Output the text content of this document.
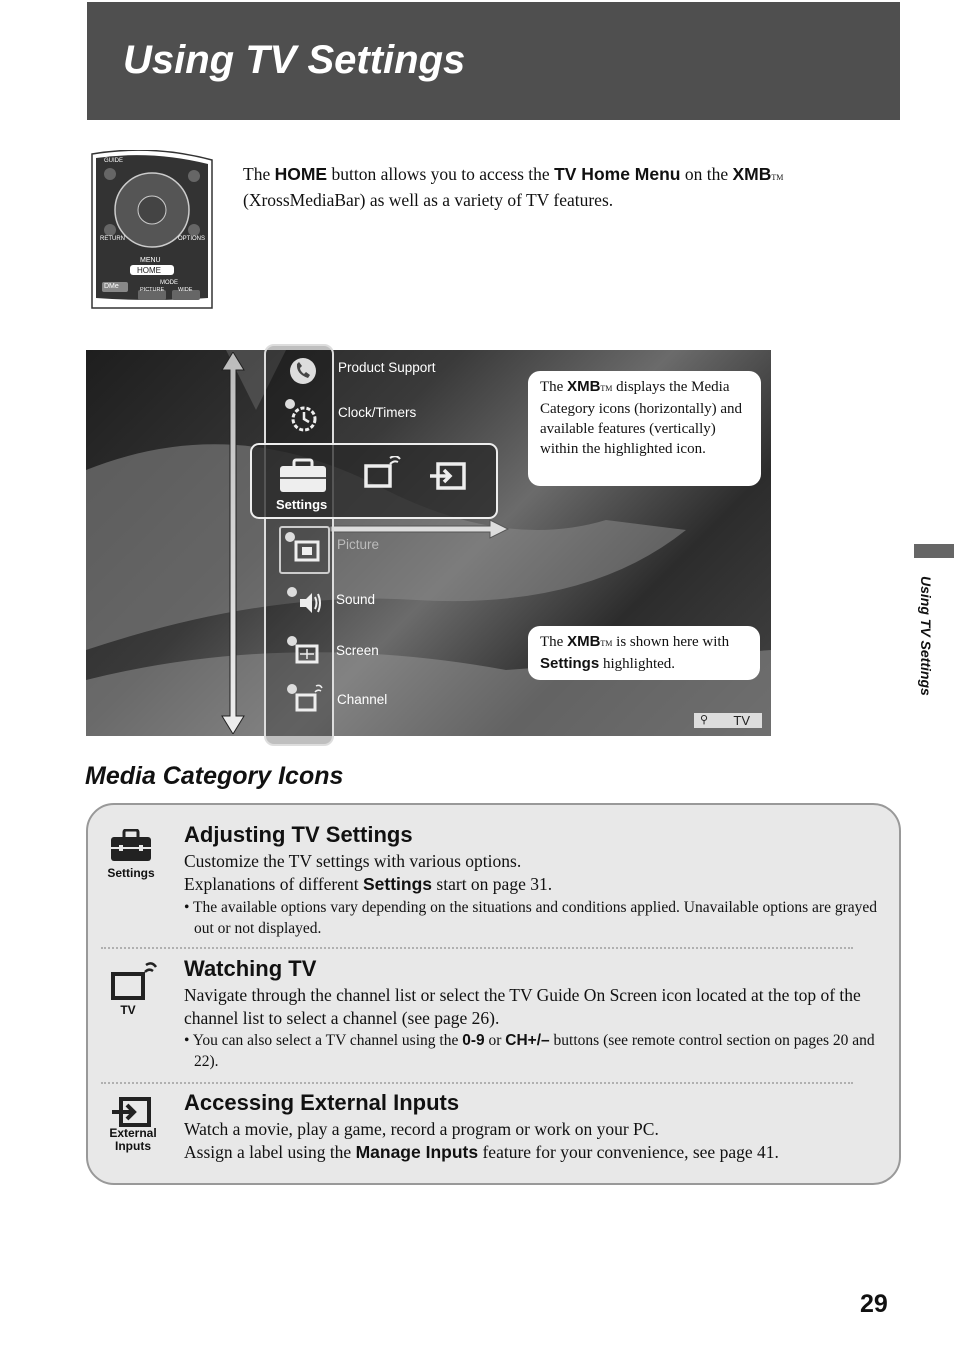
Using TV Settings
GUIDE
RETURN	OPTIONS
MENU
HOME
MODE
DMe	PICTURE	WIDE
The HOME button allows you to access the TV Home Menu on the XMBTM
(XrossMediaBar) as well as a variety of TV features.
Settings
Product Support
Clock/Timers
Picture
Sound
Screen
Channel
The XMBTM displays the Media Category icons (horizontally) and available features (vertically) within the highlighted icon.
The XMBTM is shown here with Settings highlighted.
⚲ TV
Media Category Icons
Settings
Adjusting TV Settings
Customize the TV settings with various options.
Explanations of different Settings start on page 31.
• The available options vary depending on the situations and conditions applied. Unavailable options are grayed out or not displayed.
TV
Watching TV
Navigate through the channel list or select the TV Guide On Screen icon located at the top of the channel list to select a channel (see page 26).
• You can also select a TV channel using the 0-9 or CH+/– buttons (see remote control section on pages 20 and 22).
External
Inputs
Accessing External Inputs
Watch a movie, play a game, record a program or work on your PC.
Assign a label using the Manage Inputs feature for your convenience, see page 41.
Using TV Settings
29
